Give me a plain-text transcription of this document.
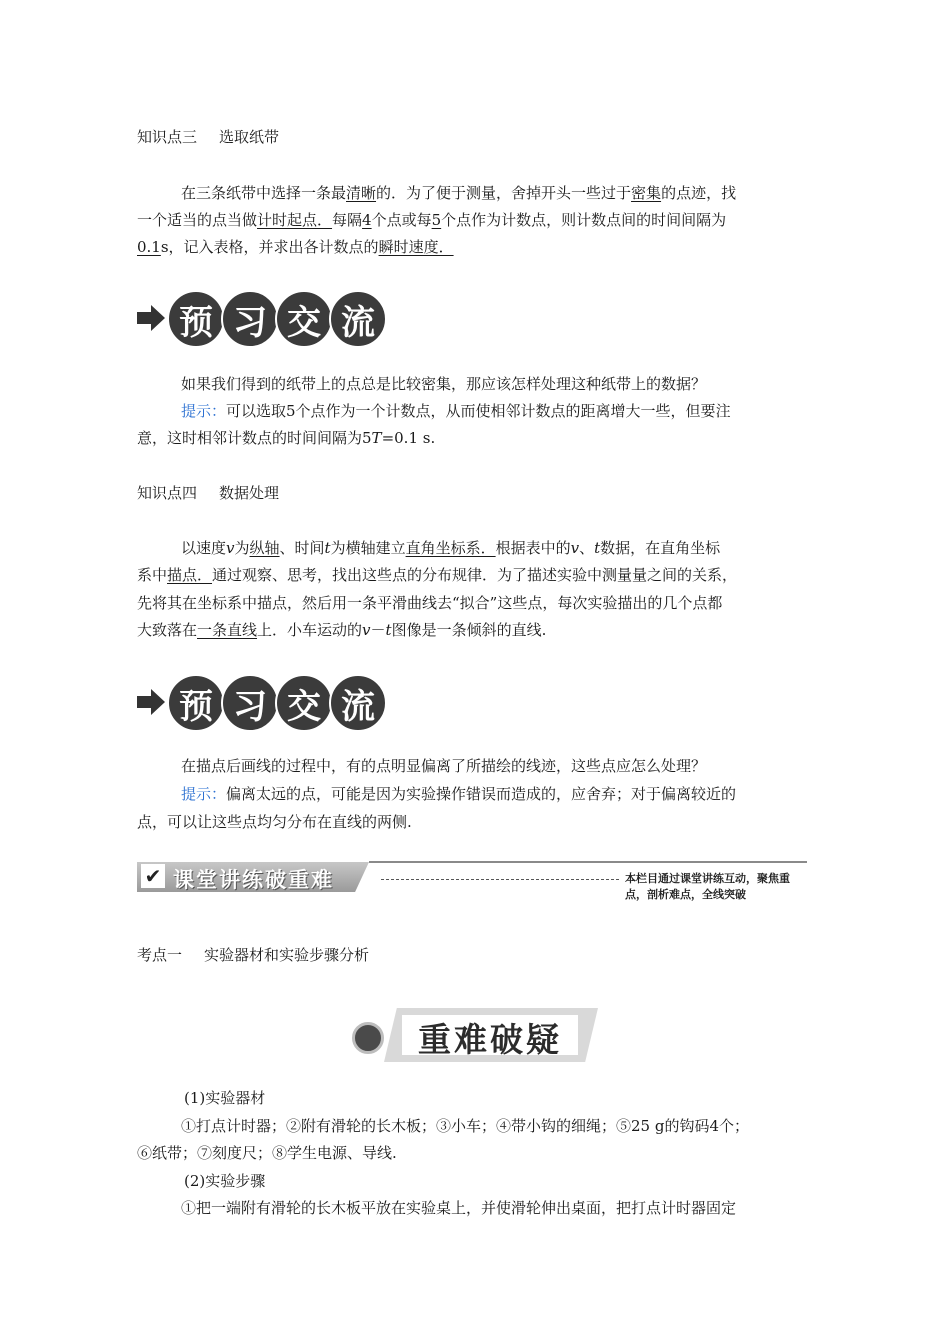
知识点三 选取纸带
在三条纸带中选择一条最清晰的．为了便于测量，舍掉开头一些过于密集的点迹，找
一个适当的点当做计时起点．每隔4个点或每5个点作为计数点，则计数点间的时间间隔为
0.1s，记入表格，并求出各计数点的瞬时速度．
预 习 交 流
如果我们得到的纸带上的点总是比较密集，那应该怎样处理这种纸带上的数据？
提示：可以选取5个点作为一个计数点，从而使相邻计数点的距离增大一些，但要注
意，这时相邻计数点的时间间隔为5T=0.1 s.
知识点四 数据处理
以速度v为纵轴、时间t为横轴建立直角坐标系．根据表中的v、t数据，在直角坐标
系中描点．通过观察、思考，找出这些点的分布规律．为了描述实验中测量量之间的关系，
先将其在坐标系中描点，然后用一条平滑曲线去“拟合”这些点，每次实验描出的几个点都
大致落在一条直线上．小车运动的v－t图像是一条倾斜的直线.
预 习 交 流
在描点后画线的过程中，有的点明显偏离了所描绘的线迹，这些点应怎么处理？
提示：偏离太远的点，可能是因为实验操作错误而造成的，应舍弃；对于偏离较近的
点，可以让这些点均匀分布在直线的两侧.
✔ 课堂讲练破重难	本栏目通过课堂讲练互动，聚焦重点，剖析难点，全线突破
考点一 实验器材和实验步骤分析
重难破疑
(1)实验器材
①打点计时器；②附有滑轮的长木板；③小车；④带小钩的细绳；⑤25 g的钩码4个；
⑥纸带；⑦刻度尺；⑧学生电源、导线.
(2)实验步骤
①把一端附有滑轮的长木板平放在实验桌上，并使滑轮伸出桌面，把打点计时器固定
